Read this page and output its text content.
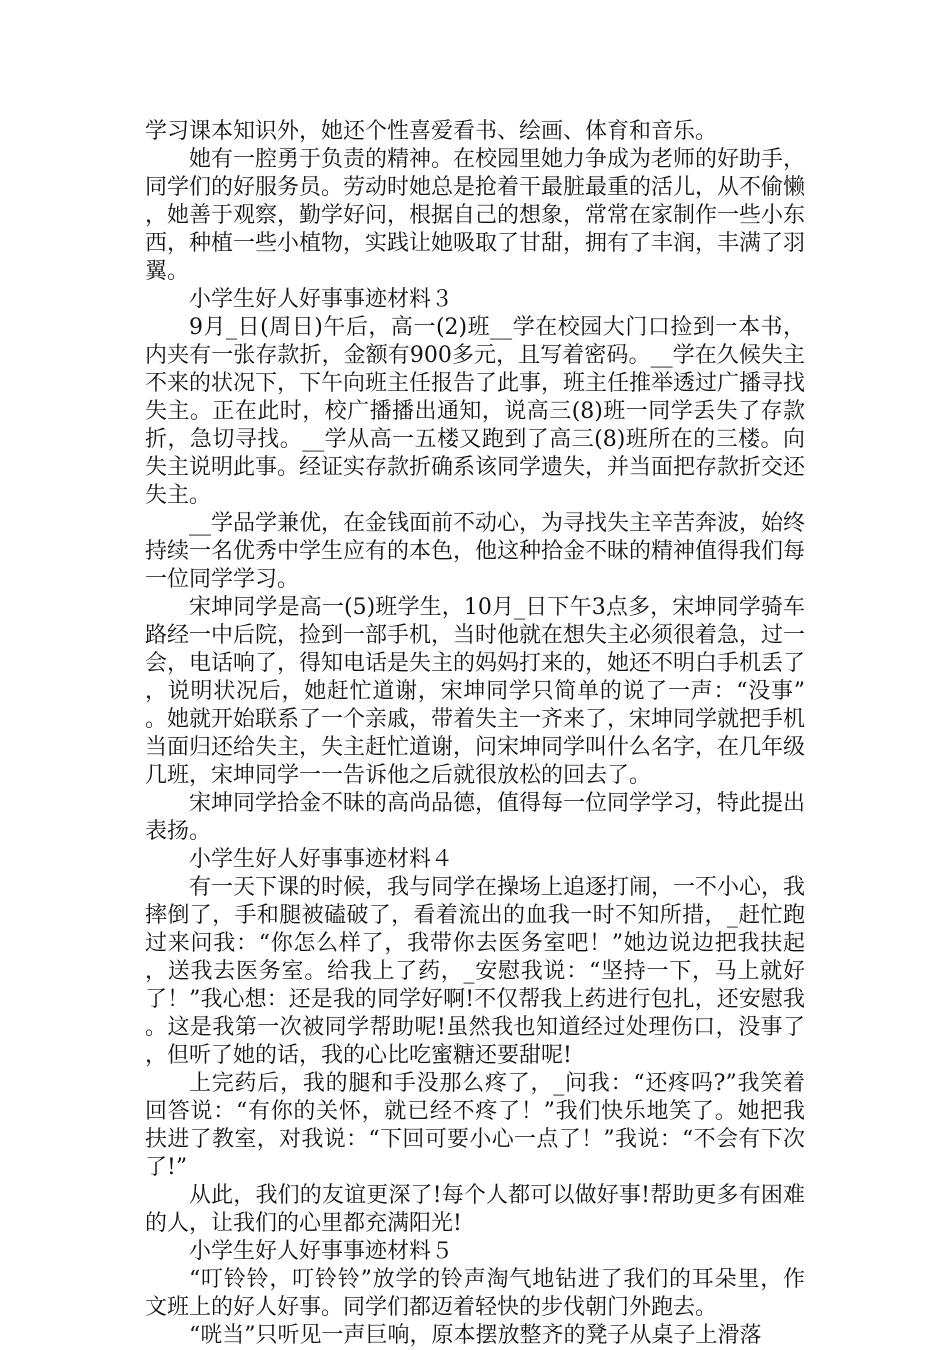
学习课本知识外，她还个性喜爱看书、绘画、体育和音乐。

她有一腔勇于负责的精神。在校园里她力争成为老师的好助手，同学们的好服务员。劳动时她总是抢着干最脏最重的活儿，从不偷懒，她善于观察，勤学好问，根据自己的想象，常常在家制作一些小东西，种植一些小植物，实践让她吸取了甘甜，拥有了丰润，丰满了羽翼。

小学生好人好事事迹材料３

9月_日(周日)午后，高一(2)班__学在校园大门口捡到一本书，内夹有一张存款折，金额有900多元，且写着密码。__学在久候失主不来的状况下，下午向班主任报告了此事，班主任推举透过广播寻找失主。正在此时，校广播播出通知，说高三(8)班一同学丢失了存款折，急切寻找。__学从高一五楼又跑到了高三(8)班所在的三楼。向失主说明此事。经证实存款折确系该同学遗失，并当面把存款折交还失主。

__学品学兼优，在金钱面前不动心，为寻找失主辛苦奔波，始终持续一名优秀中学生应有的本色，他这种拾金不昧的精神值得我们每一位同学学习。

宋坤同学是高一(5)班学生，10月_日下午3点多，宋坤同学骑车路经一中后院，捡到一部手机，当时他就在想失主必须很着急，过一会，电话响了，得知电话是失主的妈妈打来的，她还不明白手机丢了，说明状况后，她赶忙道谢，宋坤同学只简单的说了一声：“没事”。她就开始联系了一个亲戚，带着失主一齐来了，宋坤同学就把手机当面归还给失主，失主赶忙道谢，问宋坤同学叫什么名字，在几年级几班，宋坤同学一一告诉他之后就很放松的回去了。

宋坤同学拾金不昧的高尚品德，值得每一位同学学习，特此提出表扬。

小学生好人好事事迹材料４

有一天下课的时候，我与同学在操场上追逐打闹，一不小心，我摔倒了，手和腿被磕破了，看着流出的血我一时不知所措，_赶忙跑过来问我：“你怎么样了，我带你去医务室吧！”她边说边把我扶起，送我去医务室。给我上了药，_安慰我说：“坚持一下，马上就好了！”我心想：还是我的同学好啊!不仅帮我上药进行包扎，还安慰我。这是我第一次被同学帮助呢!虽然我也知道经过处理伤口，没事了，但听了她的话，我的心比吃蜜糖还要甜呢!

上完药后，我的腿和手没那么疼了，_问我：“还疼吗?”我笑着回答说：“有你的关怀，就已经不疼了！”我们快乐地笑了。她把我扶进了教室，对我说：“下回可要小心一点了！”我说：“不会有下次了!”

从此，我们的友谊更深了!每个人都可以做好事!帮助更多有困难的人，让我们的心里都充满阳光!

小学生好人好事事迹材料５

“叮铃铃，叮铃铃”放学的铃声淘气地钻进了我们的耳朵里，作文班上的好人好事。同学们都迈着轻快的步伐朝门外跑去。

“咣当”只听见一声巨响，原本摆放整齐的凳子从桌子上滑落
